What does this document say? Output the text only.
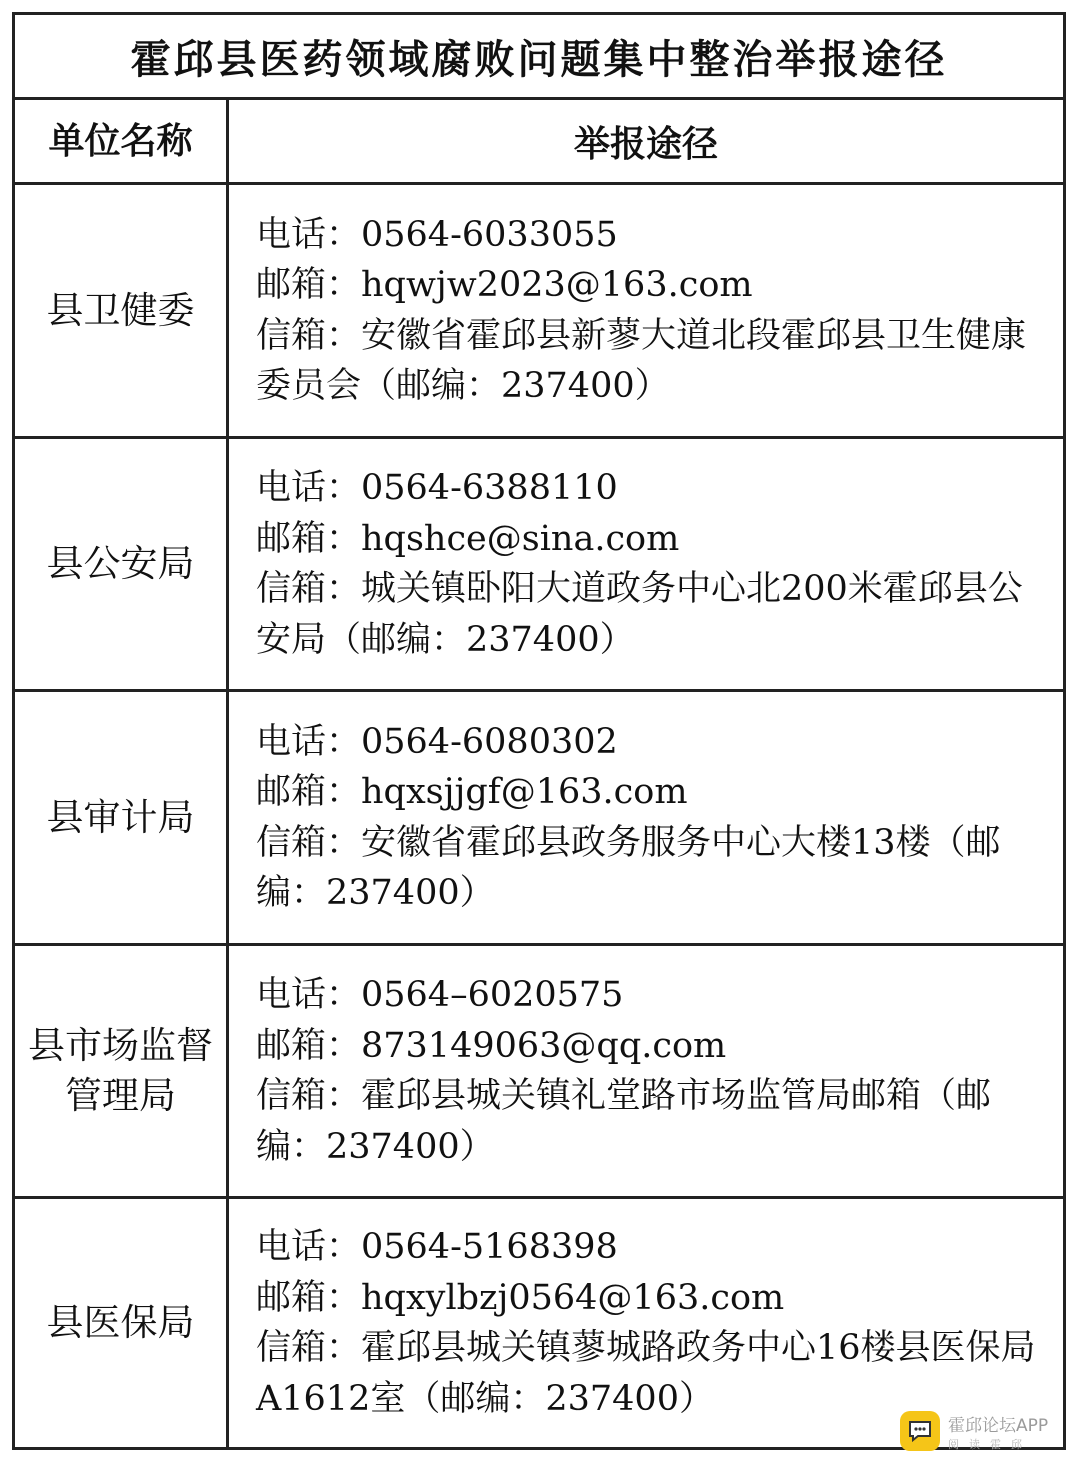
霍邱县医药领域腐败问题集中整治举报途径
单位名称	举报途径
县卫健委
电话：0564-6033055
邮箱：hqwjw2023@163.com
信箱：安徽省霍邱县新蓼大道北段霍邱县卫生健康委员会（邮编：237400）
县公安局
电话：0564-6388110
邮箱：hqshce@sina.com
信箱：城关镇卧阳大道政务中心北200米霍邱县公安局（邮编：237400）
县审计局
电话：0564-6080302
邮箱：hqxsjjgf@163.com
信箱：安徽省霍邱县政务服务中心大楼13楼（邮编：237400）
县市场监督管理局
电话：0564–6020575
邮箱：873149063@qq.com
信箱：霍邱县城关镇礼堂路市场监管局邮箱（邮编：237400）
县医保局
电话：0564-5168398
邮箱：hqxylbzj0564@163.com
信箱：霍邱县城关镇蓼城路政务中心16楼县医保局A1612室（邮编：237400）
霍邱论坛APP
阅读霍邱
